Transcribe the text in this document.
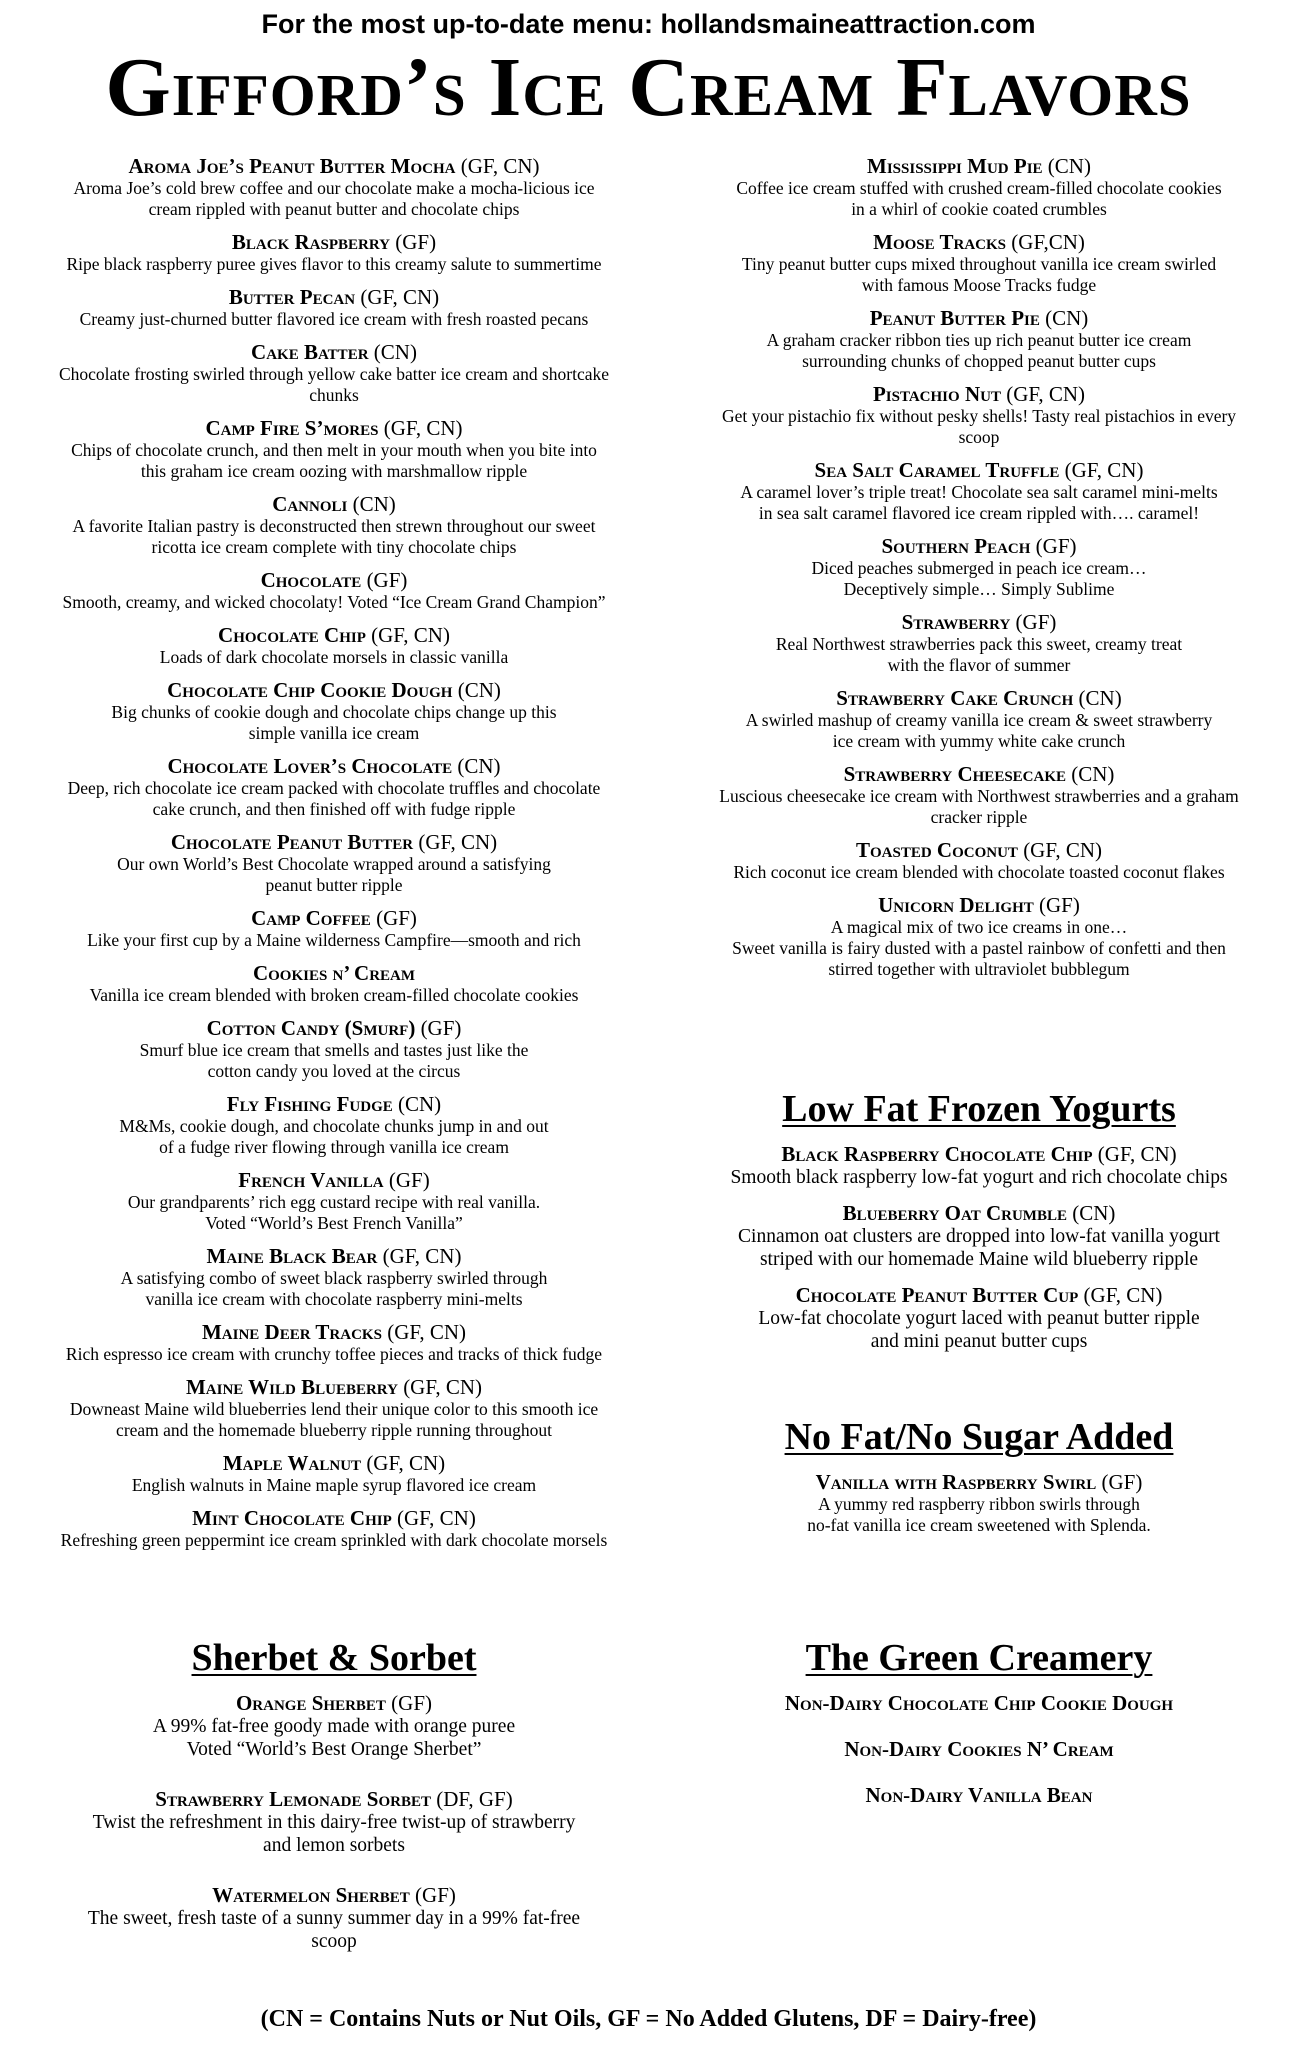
For the most up-to-date menu: hollandsmaineattraction.com
Gifford’s Ice Cream Flavors
Aroma Joe’s Peanut Butter Mocha (GF, CN)
Aroma Joe’s cold brew coffee and our chocolate make a mocha-licious ice
cream rippled with peanut butter and chocolate chips
Black Raspberry (GF)
Ripe black raspberry puree gives flavor to this creamy salute to summertime
Butter Pecan (GF, CN)
Creamy just-churned butter flavored ice cream with fresh roasted pecans
Cake Batter (CN)
Chocolate frosting swirled through yellow cake batter ice cream and shortcake
chunks
Camp Fire S’mores (GF, CN)
Chips of chocolate crunch, and then melt in your mouth when you bite into
this graham ice cream oozing with marshmallow ripple
Cannoli (CN)
A favorite Italian pastry is deconstructed then strewn throughout our sweet
ricotta ice cream complete with tiny chocolate chips
Chocolate (GF)
Smooth, creamy, and wicked chocolaty! Voted “Ice Cream Grand Champion”
Chocolate Chip (GF, CN)
Loads of dark chocolate morsels in classic vanilla
Chocolate Chip Cookie Dough (CN)
Big chunks of cookie dough and chocolate chips change up this
simple vanilla ice cream
Chocolate Lover’s Chocolate (CN)
Deep, rich chocolate ice cream packed with chocolate truffles and chocolate
cake crunch, and then finished off with fudge ripple
Chocolate Peanut Butter (GF, CN)
Our own World’s Best Chocolate wrapped around a satisfying
peanut butter ripple
Camp Coffee (GF)
Like your first cup by a Maine wilderness Campfire—smooth and rich
Cookies n’ Cream
Vanilla ice cream blended with broken cream-filled chocolate cookies
Cotton Candy (Smurf) (GF)
Smurf blue ice cream that smells and tastes just like the
cotton candy you loved at the circus
Fly Fishing Fudge (CN)
M&Ms, cookie dough, and chocolate chunks jump in and out
of a fudge river flowing through vanilla ice cream
French Vanilla (GF)
Our grandparents’ rich egg custard recipe with real vanilla.
Voted “World’s Best French Vanilla”
Maine Black Bear (GF, CN)
A satisfying combo of sweet black raspberry swirled through
vanilla ice cream with chocolate raspberry mini-melts
Maine Deer Tracks (GF, CN)
Rich espresso ice cream with crunchy toffee pieces and tracks of thick fudge
Maine Wild Blueberry (GF, CN)
Downeast Maine wild blueberries lend their unique color to this smooth ice
cream and the homemade blueberry ripple running throughout
Maple Walnut (GF, CN)
English walnuts in Maine maple syrup flavored ice cream
Mint Chocolate Chip (GF, CN)
Refreshing green peppermint ice cream sprinkled with dark chocolate morsels
Mississippi Mud Pie (CN)
Coffee ice cream stuffed with crushed cream-filled chocolate cookies
in a whirl of cookie coated crumbles
Moose Tracks (GF,CN)
Tiny peanut butter cups mixed throughout vanilla ice cream swirled
with famous Moose Tracks fudge
Peanut Butter Pie (CN)
A graham cracker ribbon ties up rich peanut butter ice cream
surrounding chunks of chopped peanut butter cups
Pistachio Nut (GF, CN)
Get your pistachio fix without pesky shells! Tasty real pistachios in every
scoop
Sea Salt Caramel Truffle (GF, CN)
A caramel lover’s triple treat! Chocolate sea salt caramel mini-melts
in sea salt caramel flavored ice cream rippled with…. caramel!
Southern Peach (GF)
Diced peaches submerged in peach ice cream…
Deceptively simple… Simply Sublime
Strawberry (GF)
Real Northwest strawberries pack this sweet, creamy treat
with the flavor of summer
Strawberry Cake Crunch (CN)
A swirled mashup of creamy vanilla ice cream & sweet strawberry
ice cream with yummy white cake crunch
Strawberry Cheesecake (CN)
Luscious cheesecake ice cream with Northwest strawberries and a graham
cracker ripple
Toasted Coconut (GF, CN)
Rich coconut ice cream blended with chocolate toasted coconut flakes
Unicorn Delight (GF)
A magical mix of two ice creams in one…
Sweet vanilla is fairy dusted with a pastel rainbow of confetti and then
stirred together with ultraviolet bubblegum
Low Fat Frozen Yogurts
Black Raspberry Chocolate Chip (GF, CN)
Smooth black raspberry low-fat yogurt and rich chocolate chips
Blueberry Oat Crumble (CN)
Cinnamon oat clusters are dropped into low-fat vanilla yogurt
striped with our homemade Maine wild blueberry ripple
Chocolate Peanut Butter Cup (GF, CN)
Low-fat chocolate yogurt laced with peanut butter ripple
and mini peanut butter cups
No Fat/No Sugar Added
Vanilla with Raspberry Swirl (GF)
A yummy red raspberry ribbon swirls through
no-fat vanilla ice cream sweetened with Splenda.
Sherbet & Sorbet
Orange Sherbet (GF)
A 99% fat-free goody made with orange puree
Voted “World’s Best Orange Sherbet”
Strawberry Lemonade Sorbet (DF, GF)
Twist the refreshment in this dairy-free twist-up of strawberry
and lemon sorbets
Watermelon Sherbet (GF)
The sweet, fresh taste of a sunny summer day in a 99% fat-free
scoop
The Green Creamery
Non-Dairy Chocolate Chip Cookie Dough
Non-Dairy Cookies N’ Cream
Non-Dairy Vanilla Bean
(CN = Contains Nuts or Nut Oils, GF = No Added Glutens, DF = Dairy-free)
